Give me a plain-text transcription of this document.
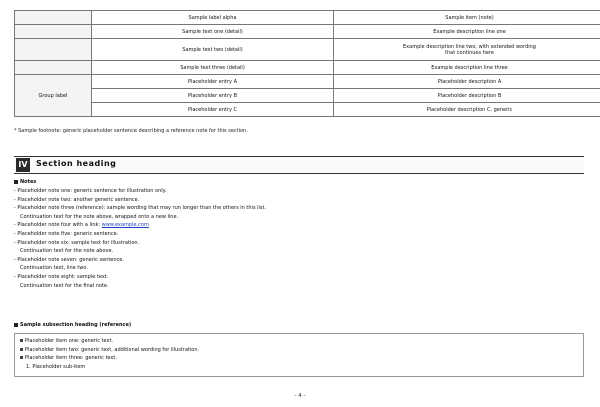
	Sample label alpha	Sample item (note)
	Sample text one (detail)	Example description line one
	Sample text two (detail)	Example description line two, with extended wording
that continues here
	Sample text three (detail)	Example description line three
Group label	Placeholder entry A	Placeholder description A
	Placeholder entry B	Placeholder description B
	Placeholder entry C	Placeholder description C, generic
* Sample footnote: generic placeholder sentence describing a reference note for this section.
IV	Section heading
Notes
- Placeholder note one: generic sentence for illustration only.
- Placeholder note two: another generic sentence.
- Placeholder note three (reference): sample wording that may run longer than the others in this list.
Continuation text for the note above, wrapped onto a new line.
- Placeholder note four with a link: www.example.com
- Placeholder note five: generic sentence.
- Placeholder note six: sample text for illustration.
Continuation text for the note above.
- Placeholder note seven: generic sentence.
Continuation text, line two.
- Placeholder note eight: sample text.
Continuation text for the final note.
Sample subsection heading (reference)
Placeholder item one: generic text.
Placeholder item two: generic text, additional wording for illustration.
Placeholder item three: generic text.
1. Placeholder sub-item
- 4 -
